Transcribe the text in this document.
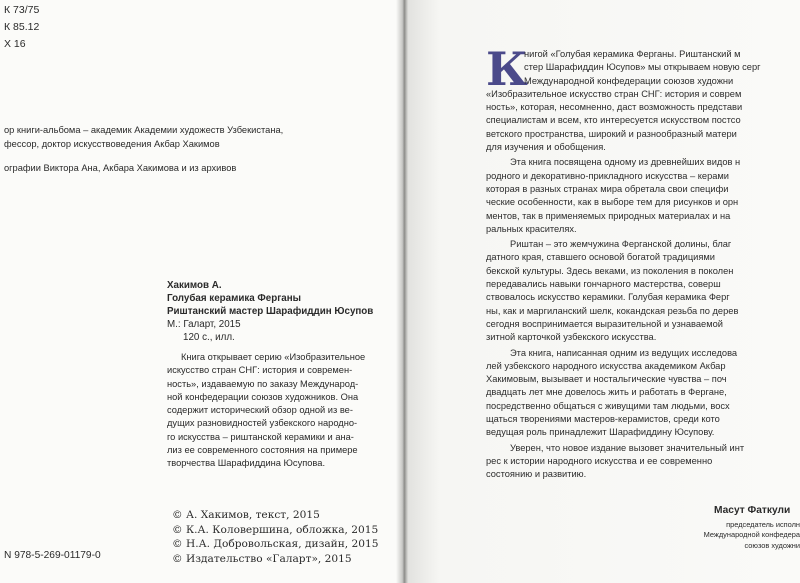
К 73/75
К 85.12
Х 16
ор книги-альбома – академик Академии художеств Узбекистана,
фессор, доктор искусствоведения Акбар Хакимов
ографии Виктора Ана, Акбара Хакимова и из архивов
Хакимов А.
Голубая керамика Ферганы
Риштанский мастер Шарафиддин Юсупов
М.: Галарт, 2015
120 с., илл.
Книга открывает серию «Изобразительное
искусство стран СНГ: история и современ-
ность», издаваемую по заказу Международ-
ной конфедерации союзов художников. Она
содержит исторический обзор одной из ве-
дущих разновидностей узбекского народно-
го искусства – риштанской керамики и ана-
лиз ее современного состояния на примере
творчества Шарафиддина Юсупова.
© А. Хакимов, текст, 2015
© К.А. Коловершина, обложка, 2015
© Н.А. Добровольская, дизайн, 2015
© Издательство «Галарт», 2015
N 978-5-269-01179-0
К
нигой «Голубая керамика Ферганы. Риштанский м
стер Шарафиддин Юсупов» мы открываем новую серг
Международной конфедерации союзов художни
«Изобразительное искусство стран СНГ: история и соврем
ность», которая, несомненно, даст возможность представи
специалистам и всем, кто интересуется искусством постсо
ветского пространства, широкий и разнообразный матери
для изучения и обобщения.
Эта книга посвящена одному из древнейших видов н
родного и декоративно-прикладного искусства – керами
которая в разных странах мира обретала свои специфи
ческие особенности, как в выборе тем для рисунков и орн
ментов, так в применяемых природных материалах и на
ральных красителях.
Риштан – это жемчужина Ферганской долины, благ
датного края, ставшего основой богатой традициями
бекской культуры. Здесь веками, из поколения в поколен
передавались навыки гончарного мастерства, соверш
ствовалось искусство керамики. Голубая керамика Ферг
ны, как и маргиланский шелк, кокандская резьба по дерев
сегодня воспринимается выразительной и узнаваемой
зитной карточкой узбекского искусства.
Эта книга, написанная одним из ведущих исследова
лей узбекского народного искусства академиком Акбар
Хакимовым, вызывает и ностальгические чувства – поч
двадцать лет мне довелось жить и работать в Фергане,
посредственно общаться с живущими там людьми, восх
щаться творениями мастеров-керамистов, среди кото
ведущая роль принадлежит Шарафиддину Юсупову.
Уверен, что новое издание вызовет значительный инт
рес к истории народного искусства и ее современно
состоянию и развитию.
Масут Фаткули
председатель исполн
Международной конфедера
союзов художни
